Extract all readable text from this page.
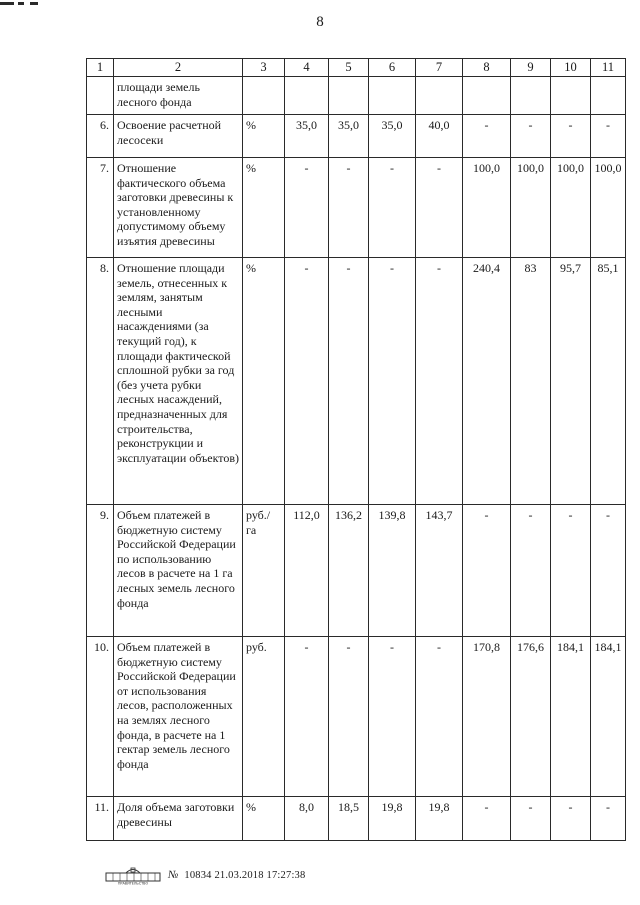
8
1	2	3	4	5	6	7	8	9	10	11
	площади земель лесного фонда									
6.	Освоение расчетной лесосеки	%	35,0	35,0	35,0	40,0	-	-	-	-
7.	Отношение фактического объема заготовки древесины к установленному допустимому объему изъятия древесины	%	-	-	-	-	100,0	100,0	100,0	100,0
8.	Отношение площади земель, отнесенных к землям, занятым лесными насаждениями (за текущий год), к площади фактической сплошной рубки за год (без учета рубки лесных насаждений, предназначенных для строительства, реконструкции и эксплуатации объектов)	%	-	-	-	-	240,4	83	95,7	85,1
9.	Объем платежей в бюджетную систему Российской Федерации по использованию лесов в расчете на 1 га лесных земель лесного фонда	руб./ га	112,0	136,2	139,8	143,7	-	-	-	-
10.	Объем платежей в бюджетную систему Российской Федерации от использования лесов, расположенных на землях лесного фонда, в расчете на 1 гектар земель лесного фонда	руб.	-	-	-	-	170,8	176,6	184,1	184,1
11.	Доля объема заготовки древесины	%	8,0	18,5	19,8	19,8	-	-	-	-
ПРАВИТЕЛЬСТВО
№ 10834 21.03.2018 17:27:38
